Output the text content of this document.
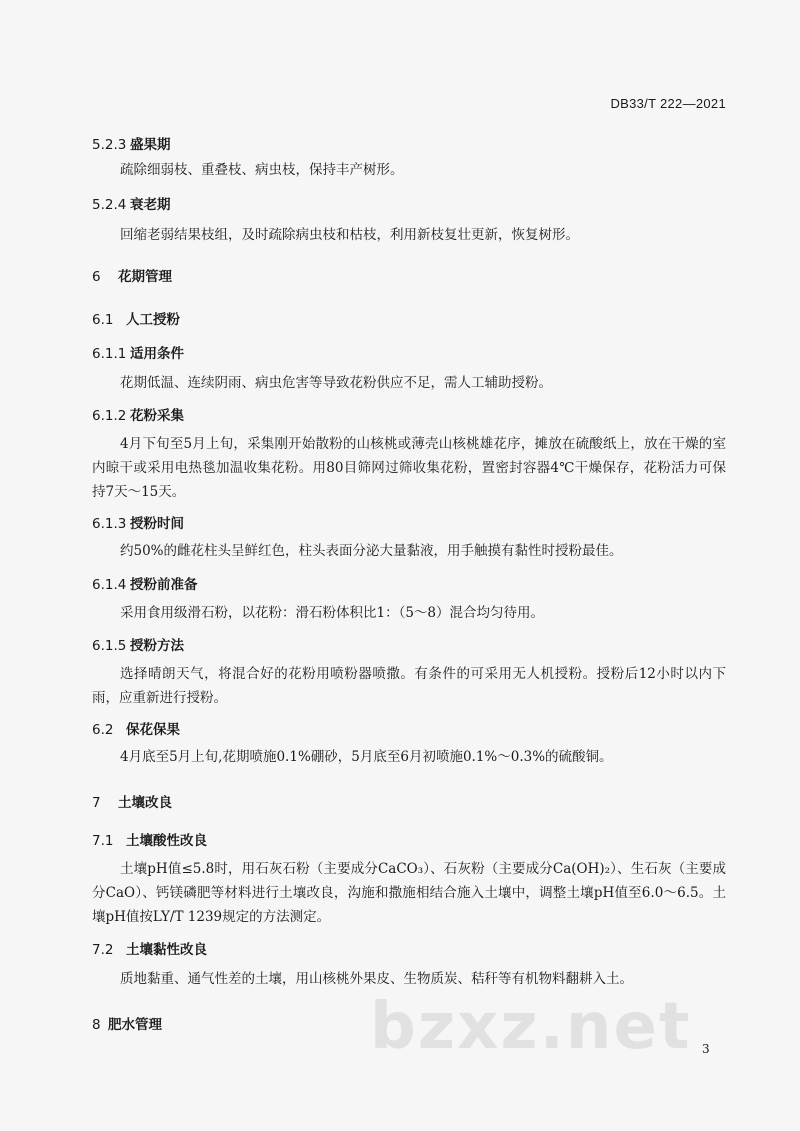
DB33/T 222—2021
5.2.3 盛果期
疏除细弱枝、重叠枝、病虫枝，保持丰产树形。
5.2.4 衰老期
回缩老弱结果枝组，及时疏除病虫枝和枯枝，利用新枝复壮更新，恢复树形。
6 花期管理
6.1 人工授粉
6.1.1 适用条件
花期低温、连续阴雨、病虫危害等导致花粉供应不足，需人工辅助授粉。
6.1.2 花粉采集
4月下旬至5月上旬，采集刚开始散粉的山核桃或薄壳山核桃雄花序，摊放在硫酸纸上，放在干燥的室内晾干或采用电热毯加温收集花粉。用80目筛网过筛收集花粉，置密封容器4℃干燥保存，花粉活力可保持7天～15天。
6.1.3 授粉时间
约50%的雌花柱头呈鲜红色，柱头表面分泌大量黏液，用手触摸有黏性时授粉最佳。
6.1.4 授粉前准备
采用食用级滑石粉，以花粉：滑石粉体积比1：（5～8）混合均匀待用。
6.1.5 授粉方法
选择晴朗天气，将混合好的花粉用喷粉器喷撒。有条件的可采用无人机授粉。授粉后12小时以内下雨，应重新进行授粉。
6.2 保花保果
4月底至5月上旬,花期喷施0.1%硼砂，5月底至6月初喷施0.1%～0.3%的硫酸铜。
7 土壤改良
7.1 土壤酸性改良
土壤pH值≤5.8时，用石灰石粉（主要成分CaCO₃）、石灰粉（主要成分Ca(OH)₂）、生石灰（主要成分CaO）、钙镁磷肥等材料进行土壤改良，沟施和撒施相结合施入土壤中，调整土壤pH值至6.0～6.5。土壤pH值按LY/T 1239规定的方法测定。
7.2 土壤黏性改良
质地黏重、通气性差的土壤，用山核桃外果皮、生物质炭、秸秆等有机物料翻耕入土。
8 肥水管理	bzxz.net 3
